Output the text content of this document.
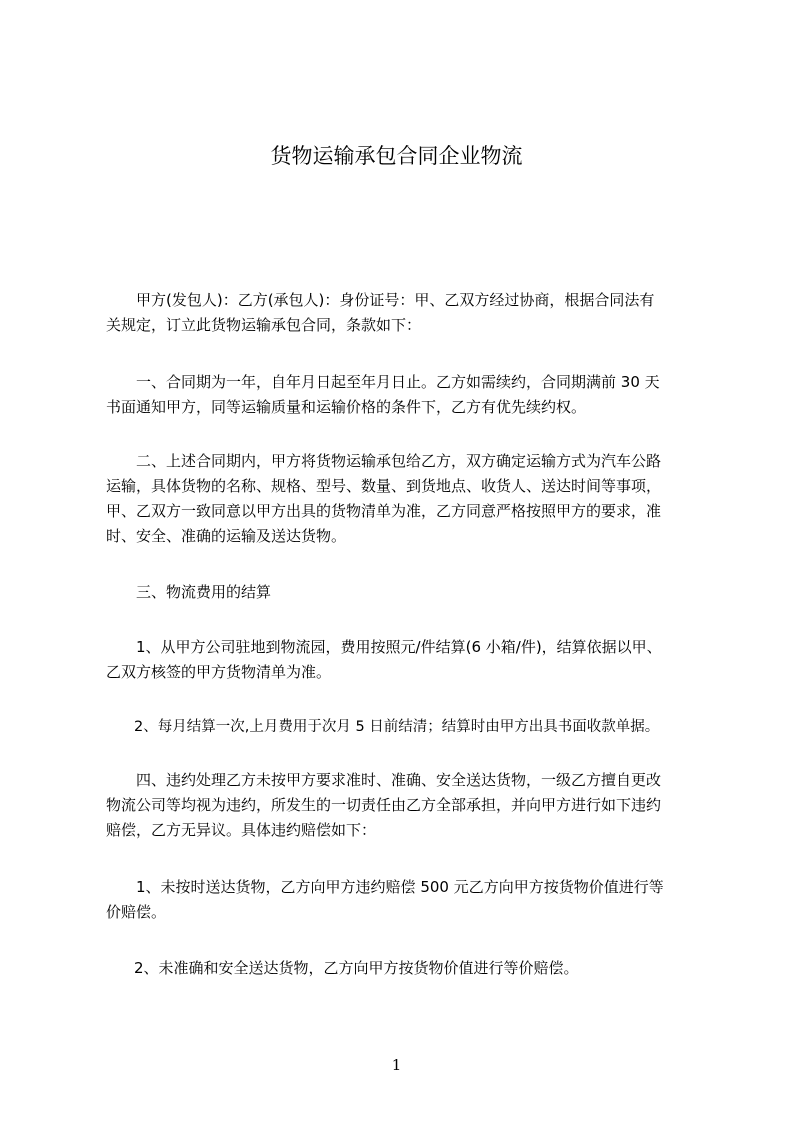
货物运输承包合同企业物流
甲方(发包人)：乙方(承包人)：身份证号：甲、乙双方经过协商，根据合同法有
关规定，订立此货物运输承包合同，条款如下：
一、合同期为一年，自年月日起至年月日止。乙方如需续约，合同期满前 30 天
书面通知甲方，同等运输质量和运输价格的条件下，乙方有优先续约权。
二、上述合同期内，甲方将货物运输承包给乙方，双方确定运输方式为汽车公路
运输，具体货物的名称、规格、型号、数量、到货地点、收货人、送达时间等事项，
甲、乙双方一致同意以甲方出具的货物清单为准，乙方同意严格按照甲方的要求，准
时、安全、准确的运输及送达货物。
三、物流费用的结算
1、从甲方公司驻地到物流园，费用按照元/件结算(6 小箱/件)，结算依据以甲、
乙双方核签的甲方货物清单为准。
2、每月结算一次,上月费用于次月 5 日前结清；结算时由甲方出具书面收款单据。
四、违约处理乙方未按甲方要求准时、准确、安全送达货物，一级乙方擅自更改
物流公司等均视为违约，所发生的一切责任由乙方全部承担，并向甲方进行如下违约
赔偿，乙方无异议。具体违约赔偿如下：
1、未按时送达货物，乙方向甲方违约赔偿 500 元乙方向甲方按货物价值进行等
价赔偿。
2、未准确和安全送达货物，乙方向甲方按货物价值进行等价赔偿。
1
